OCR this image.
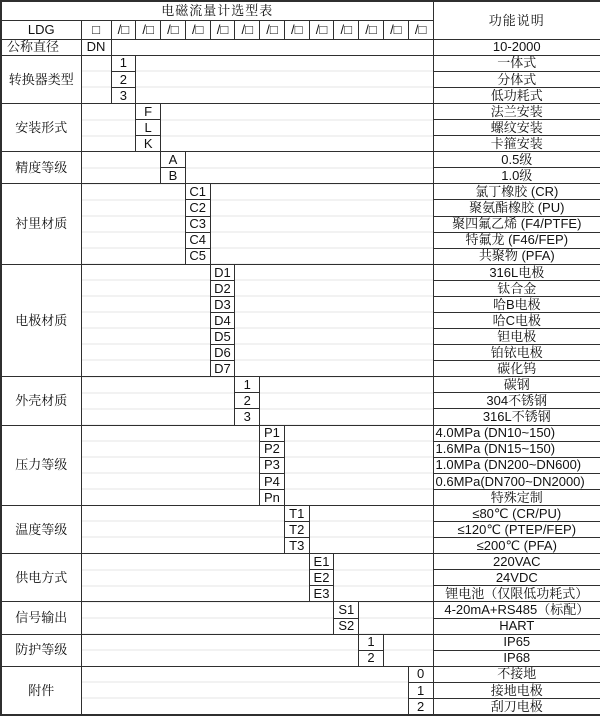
电磁流量计选型表															功能说明
LDG	□	/□	/□	/□	/□	/□	/□	/□	/□	/□	/□	/□	/□	/□	
公称直径	DN														10-2000
转换器类型		1													一体式
		2													分体式
		3													低功耗式
安装形式			F												法兰安装
			L												螺纹安装
			K												卡箍安装
精度等级				A											0.5级
				B											1.0级
衬里材质					C1										氯丁橡胶 (CR)
					C2										聚氨酯橡胶 (PU)
					C3										聚四氟乙烯 (F4/PTFE)
					C4										特氟龙 (F46/FEP)
					C5										共聚物 (PFA)
电极材质						D1									316L电极
						D2									钛合金
						D3									哈B电极
						D4									哈C电极
						D5									钽电极
						D6									铂铱电极
						D7									碳化钨
外壳材质							1								碳钢
							2								304不锈钢
							3								316L不锈钢
压力等级								P1							4.0MPa (DN10~150)
								P2							1.6MPa (DN15~150)
								P3							1.0MPa (DN200~DN600)
								P4							0.6MPa(DN700~DN2000)
								Pn							特殊定制
温度等级									T1						≤80℃ (CR/PU)
									T2						≤120℃ (PTEP/FEP)
									T3						≤200℃ (PFA)
供电方式										E1					220VAC
										E2					24VDC
										E3					锂电池（仅限低功耗式）
信号输出											S1				4-20mA+RS485（标配）
											S2				HART
防护等级												1			IP65
												2			IP68
附件														0	不接地
														1	接地电极
														2	刮刀电极
